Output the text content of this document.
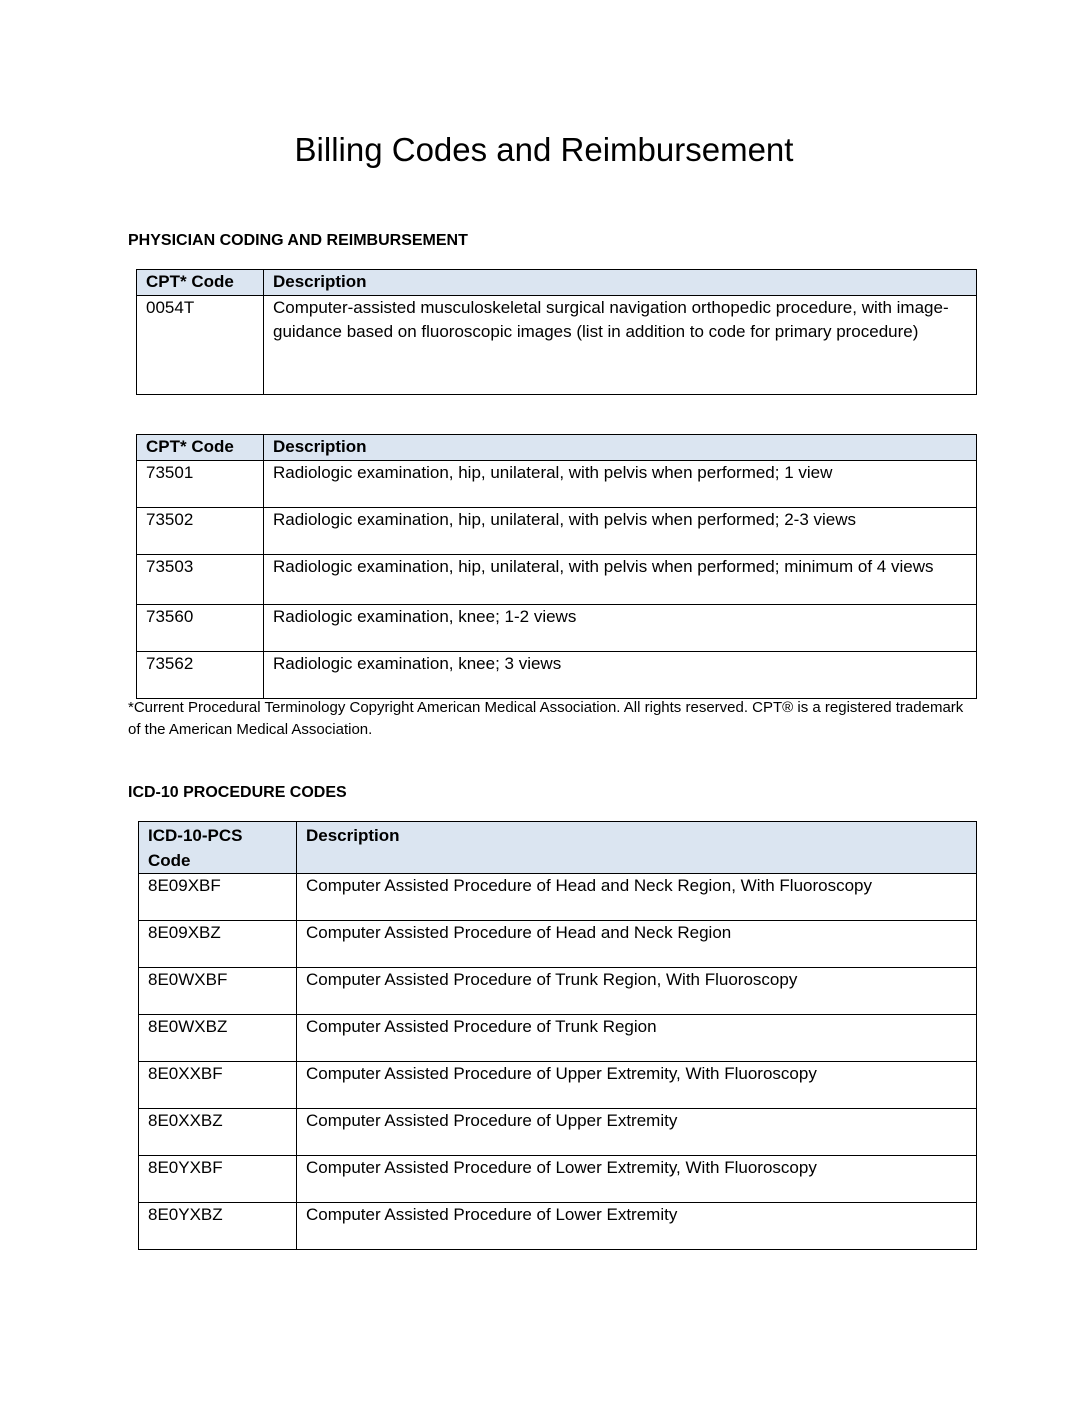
Billing Codes and Reimbursement
PHYSICIAN CODING AND REIMBURSEMENT
CPT* Code	Description
0054T	Computer-assisted musculoskeletal surgical navigation orthopedic procedure, with image-guidance based on fluoroscopic images (list in addition to code for primary procedure)
CPT* Code	Description
73501	Radiologic examination, hip, unilateral, with pelvis when performed; 1 view
73502	Radiologic examination, hip, unilateral, with pelvis when performed; 2-3 views
73503	Radiologic examination, hip, unilateral, with pelvis when performed; minimum of 4 views
73560	Radiologic examination, knee; 1-2 views
73562	Radiologic examination, knee; 3 views

*Current Procedural Terminology Copyright American Medical Association. All rights reserved. CPT® is a registered trademark of the American Medical Association.

ICD-10 PROCEDURE CODES
ICD-10-PCS Code	Description
8E09XBF	Computer Assisted Procedure of Head and Neck Region, With Fluoroscopy
8E09XBZ	Computer Assisted Procedure of Head and Neck Region
8E0WXBF	Computer Assisted Procedure of Trunk Region, With Fluoroscopy
8E0WXBZ	Computer Assisted Procedure of Trunk Region
8E0XXBF	Computer Assisted Procedure of Upper Extremity, With Fluoroscopy
8E0XXBZ	Computer Assisted Procedure of Upper Extremity
8E0YXBF	Computer Assisted Procedure of Lower Extremity, With Fluoroscopy
8E0YXBZ	Computer Assisted Procedure of Lower Extremity
